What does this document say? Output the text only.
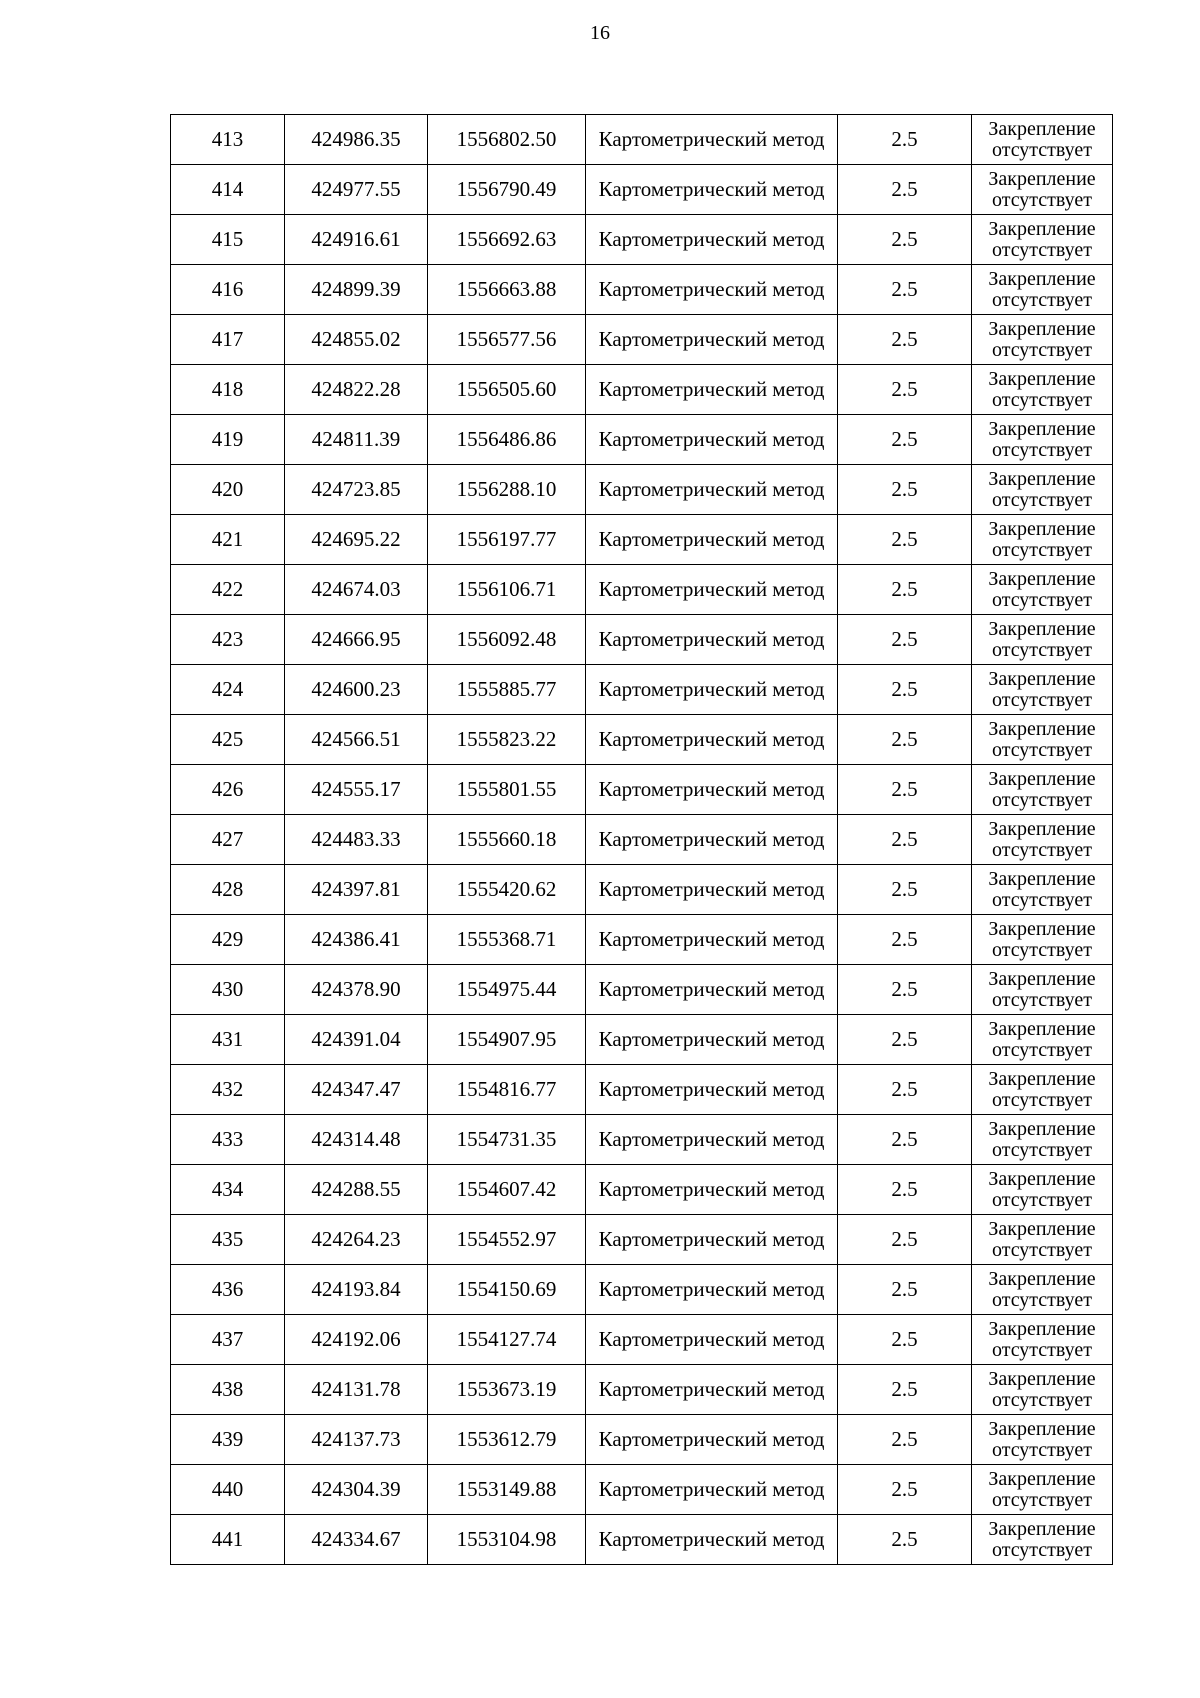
16
413	424986.35	1556802.50	Картометрический метод	2.5	Закрепление отсутствует
414	424977.55	1556790.49	Картометрический метод	2.5	Закрепление отсутствует
415	424916.61	1556692.63	Картометрический метод	2.5	Закрепление отсутствует
416	424899.39	1556663.88	Картометрический метод	2.5	Закрепление отсутствует
417	424855.02	1556577.56	Картометрический метод	2.5	Закрепление отсутствует
418	424822.28	1556505.60	Картометрический метод	2.5	Закрепление отсутствует
419	424811.39	1556486.86	Картометрический метод	2.5	Закрепление отсутствует
420	424723.85	1556288.10	Картометрический метод	2.5	Закрепление отсутствует
421	424695.22	1556197.77	Картометрический метод	2.5	Закрепление отсутствует
422	424674.03	1556106.71	Картометрический метод	2.5	Закрепление отсутствует
423	424666.95	1556092.48	Картометрический метод	2.5	Закрепление отсутствует
424	424600.23	1555885.77	Картометрический метод	2.5	Закрепление отсутствует
425	424566.51	1555823.22	Картометрический метод	2.5	Закрепление отсутствует
426	424555.17	1555801.55	Картометрический метод	2.5	Закрепление отсутствует
427	424483.33	1555660.18	Картометрический метод	2.5	Закрепление отсутствует
428	424397.81	1555420.62	Картометрический метод	2.5	Закрепление отсутствует
429	424386.41	1555368.71	Картометрический метод	2.5	Закрепление отсутствует
430	424378.90	1554975.44	Картометрический метод	2.5	Закрепление отсутствует
431	424391.04	1554907.95	Картометрический метод	2.5	Закрепление отсутствует
432	424347.47	1554816.77	Картометрический метод	2.5	Закрепление отсутствует
433	424314.48	1554731.35	Картометрический метод	2.5	Закрепление отсутствует
434	424288.55	1554607.42	Картометрический метод	2.5	Закрепление отсутствует
435	424264.23	1554552.97	Картометрический метод	2.5	Закрепление отсутствует
436	424193.84	1554150.69	Картометрический метод	2.5	Закрепление отсутствует
437	424192.06	1554127.74	Картометрический метод	2.5	Закрепление отсутствует
438	424131.78	1553673.19	Картометрический метод	2.5	Закрепление отсутствует
439	424137.73	1553612.79	Картометрический метод	2.5	Закрепление отсутствует
440	424304.39	1553149.88	Картометрический метод	2.5	Закрепление отсутствует
441	424334.67	1553104.98	Картометрический метод	2.5	Закрепление отсутствует
